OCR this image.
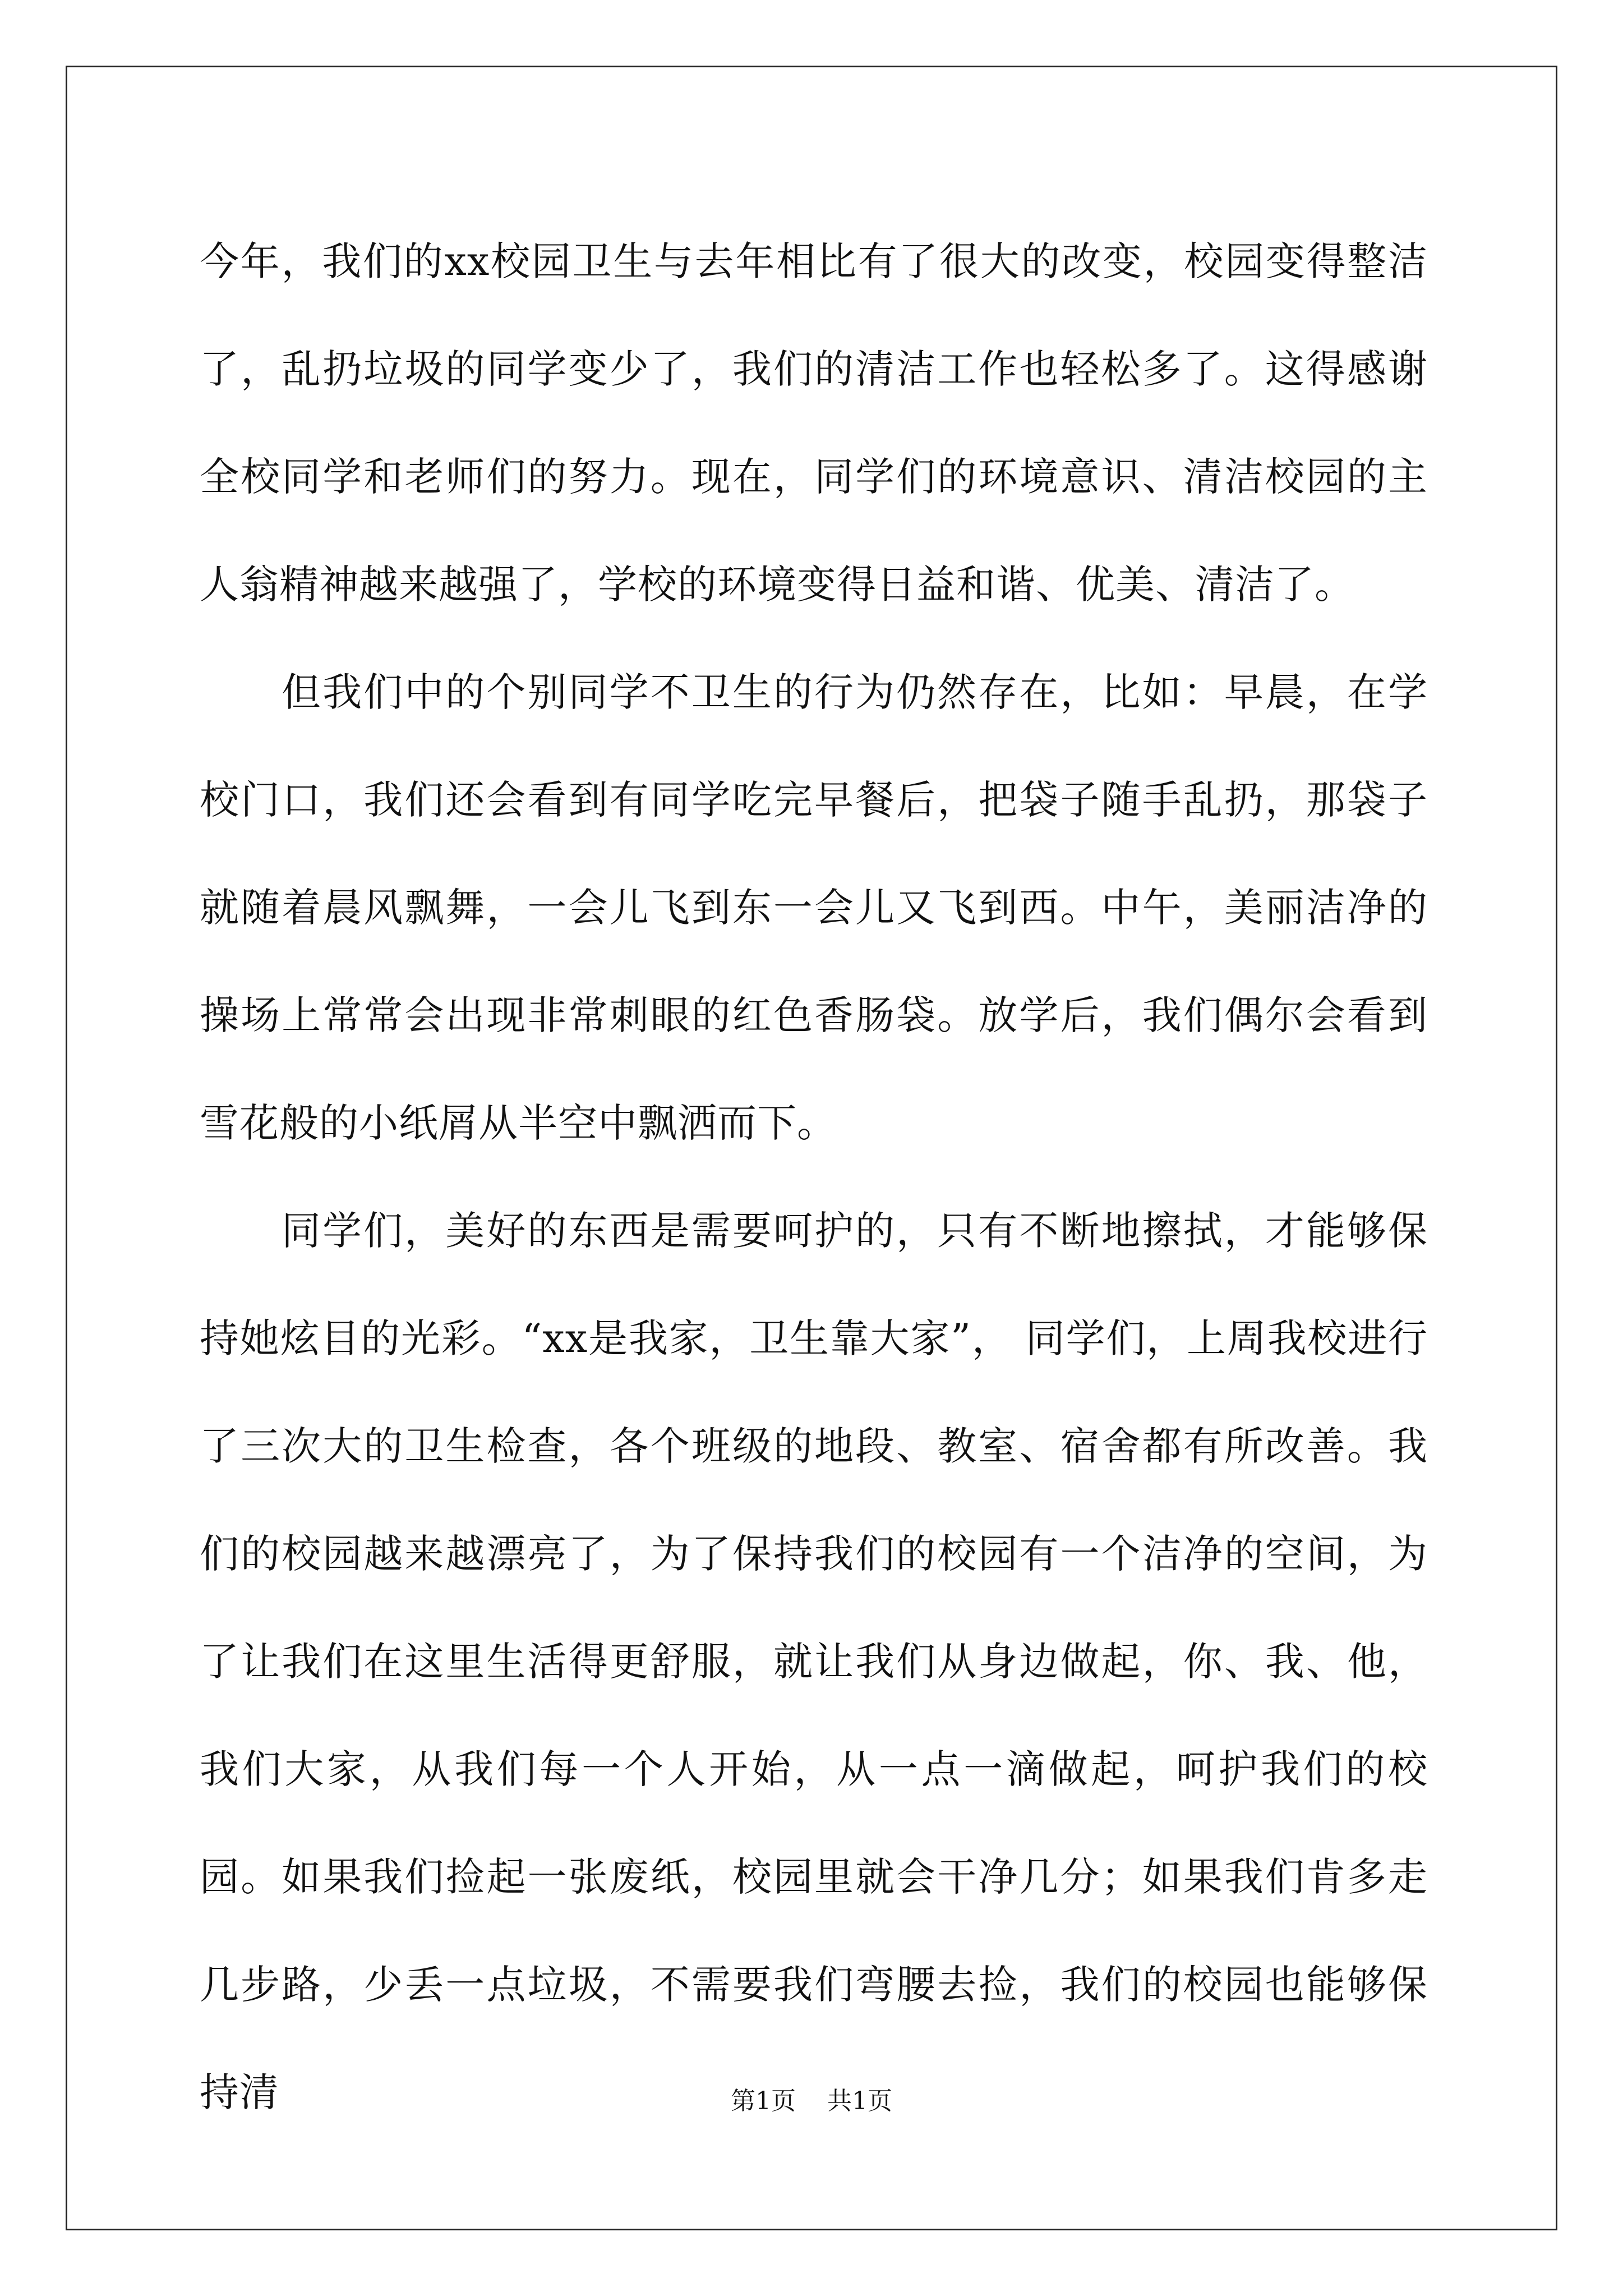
今年，我们的xx校园卫生与去年相比有了很大的改变，校园变得整洁了，乱扔垃圾的同学变少了，我们的清洁工作也轻松多了。这得感谢全校同学和老师们的努力。现在，同学们的环境意识、清洁校园的主人翁精神越来越强了，学校的环境变得日益和谐、优美、清洁了。

但我们中的个别同学不卫生的行为仍然存在，比如：早晨，在学校门口，我们还会看到有同学吃完早餐后，把袋子随手乱扔，那袋子就随着晨风飘舞，一会儿飞到东一会儿又飞到西。中午，美丽洁净的操场上常常会出现非常刺眼的红色香肠袋。放学后，我们偶尔会看到雪花般的小纸屑从半空中飘洒而下。

同学们，美好的东西是需要呵护的，只有不断地擦拭，才能够保持她炫目的光彩。“xx是我家，卫生靠大家”， 同学们，上周我校进行了三次大的卫生检查，各个班级的地段、教室、宿舍都有所改善。我们的校园越来越漂亮了，为了保持我们的校园有一个洁净的空间，为了让我们在这里生活得更舒服，就让我们从身边做起，你、我、他，我们大家，从我们每一个人开始，从一点一滴做起，呵护我们的校园。如果我们捡起一张废纸，校园里就会干净几分；如果我们肯多走几步路，少丢一点垃圾，不需要我们弯腰去捡，我们的校园也能够保持清	第1页 共1页
